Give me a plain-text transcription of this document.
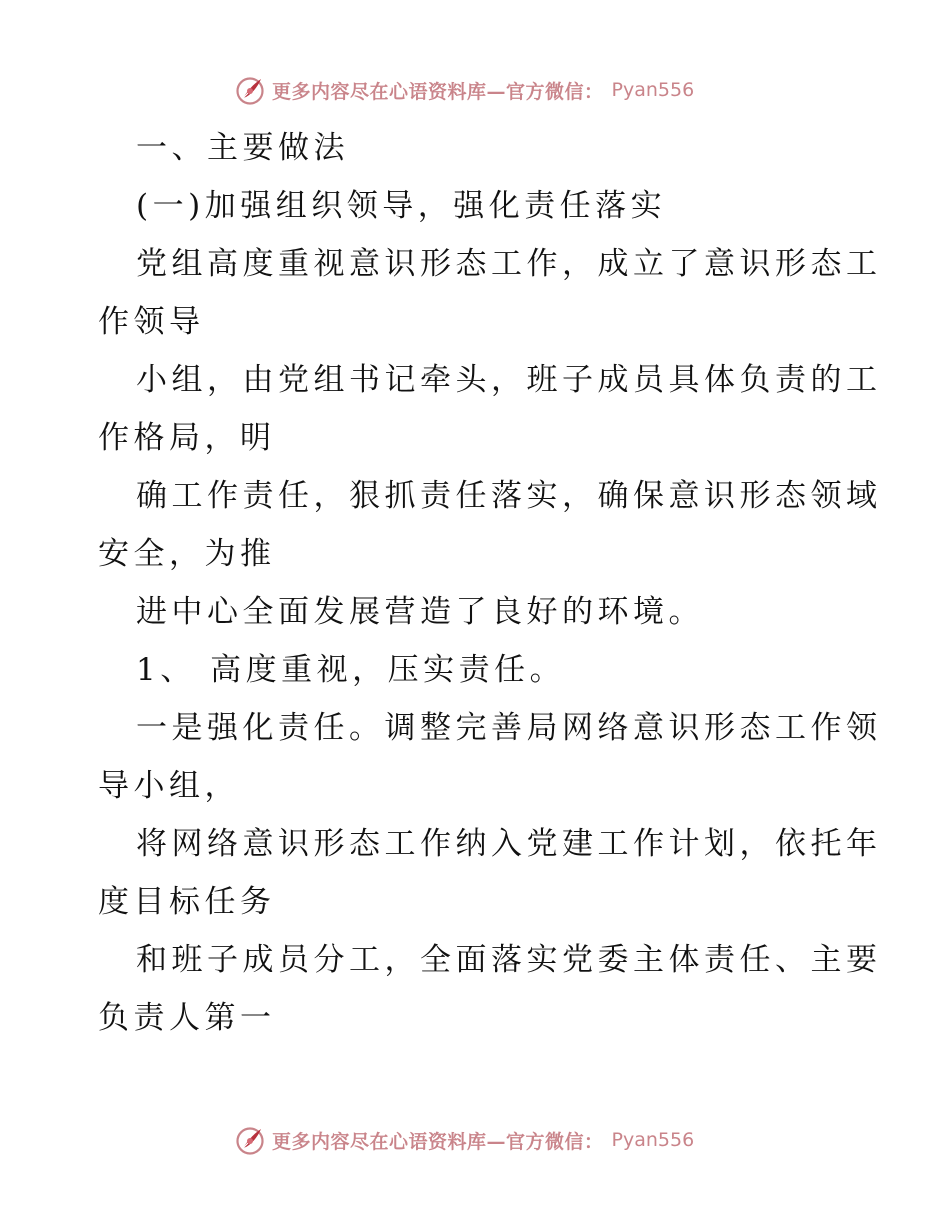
更多内容尽在心语资料库—官方微信： Pyan556
一、主要做法
(一)加强组织领导，强化责任落实
党组高度重视意识形态工作，成立了意识形态工
作领导
小组，由党组书记牵头，班子成员具体负责的工
作格局，明
确工作责任，狠抓责任落实，确保意识形态领域
安全，为推
进中心全面发展营造了良好的环境。
1、 高度重视，压实责任。
一是强化责任。调整完善局网络意识形态工作领
导小组，
将网络意识形态工作纳入党建工作计划，依托年
度目标任务
和班子成员分工，全面落实党委主体责任、主要
负责人第一
更多内容尽在心语资料库—官方微信： Pyan556
